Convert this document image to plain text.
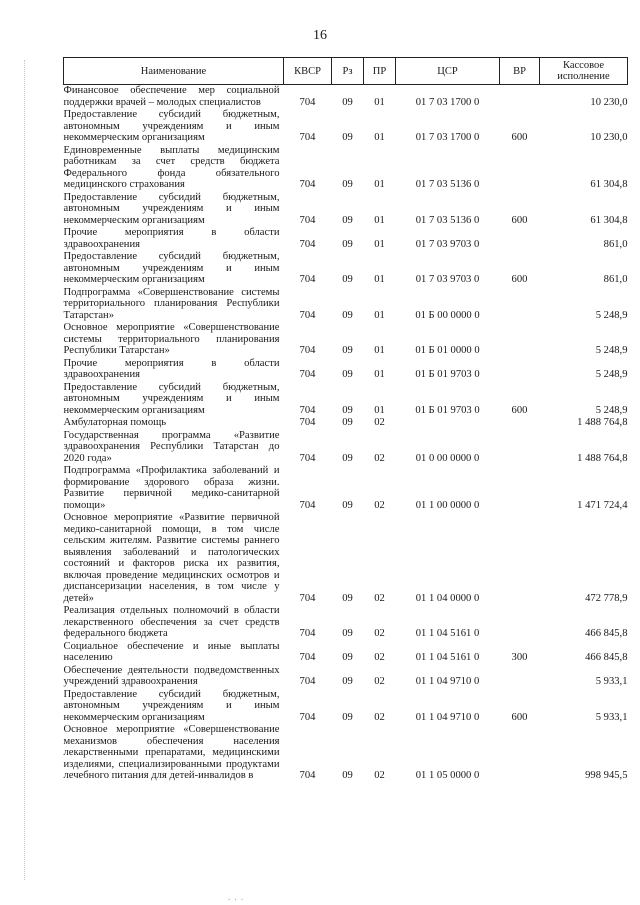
16
Наименование	КВСР	Рз	ПР	ЦСР	ВР	Кассовое исполнение
Финансовое обеспечение мер социальной поддержки врачей – молодых специалистов	704	09	01	01 7 03 1700 0		10 230,0
Предоставление субсидий бюджетным, автономным учреждениям и иным некоммерческим организациям	704	09	01	01 7 03 1700 0	600	10 230,0
Единовременные выплаты медицинским работникам за счет средств бюджета Федерального фонда обязательного медицинского страхования	704	09	01	01 7 03 5136 0		61 304,8
Предоставление субсидий бюджетным, автономным учреждениям и иным некоммерческим организациям	704	09	01	01 7 03 5136 0	600	61 304,8
Прочие мероприятия в области здравоохранения	704	09	01	01 7 03 9703 0		861,0
Предоставление субсидий бюджетным, автономным учреждениям и иным некоммерческим организациям	704	09	01	01 7 03 9703 0	600	861,0
Подпрограмма «Совершенствование системы территориального планирования Республики Татарстан»	704	09	01	01 Б 00 0000 0		5 248,9
Основное мероприятие «Совершенствование системы территориального планирования Республики Татарстан»	704	09	01	01 Б 01 0000 0		5 248,9
Прочие мероприятия в области здравоохранения	704	09	01	01 Б 01 9703 0		5 248,9
Предоставление субсидий бюджетным, автономным учреждениям и иным некоммерческим организациям	704	09	01	01 Б 01 9703 0	600	5 248,9
Амбулаторная помощь	704	09	02			1 488 764,8
Государственная программа «Развитие здравоохранения Республики Татарстан до 2020 года»	704	09	02	01 0 00 0000 0		1 488 764,8
Подпрограмма «Профилактика заболеваний и формирование здорового образа жизни. Развитие первичной медико-санитарной помощи»	704	09	02	01 1 00 0000 0		1 471 724,4
Основное мероприятие «Развитие первичной медико-санитарной помощи, в том числе сельским жителям. Развитие системы раннего выявления заболеваний и патологических состояний и факторов риска их развития, включая проведение медицинских осмотров и диспансеризации населения, в том числе у детей»	704	09	02	01 1 04 0000 0		472 778,9
Реализация отдельных полномочий в области лекарственного обеспечения за счет средств федерального бюджета	704	09	02	01 1 04 5161 0		466 845,8
Социальное обеспечение и иные выплаты населению	704	09	02	01 1 04 5161 0	300	466 845,8
Обеспечение деятельности подведомственных учреждений здравоохранения	704	09	02	01 1 04 9710 0		5 933,1
Предоставление субсидий бюджетным, автономным учреждениям и иным некоммерческим организациям	704	09	02	01 1 04 9710 0	600	5 933,1
Основное мероприятие «Совершенствование механизмов обеспечения населения лекарственными препаратами, медицинскими изделиями, специализированными продуктами лечебного питания для детей-инвалидов в	704	09	02	01 1 05 0000 0		998 945,5
. . .
